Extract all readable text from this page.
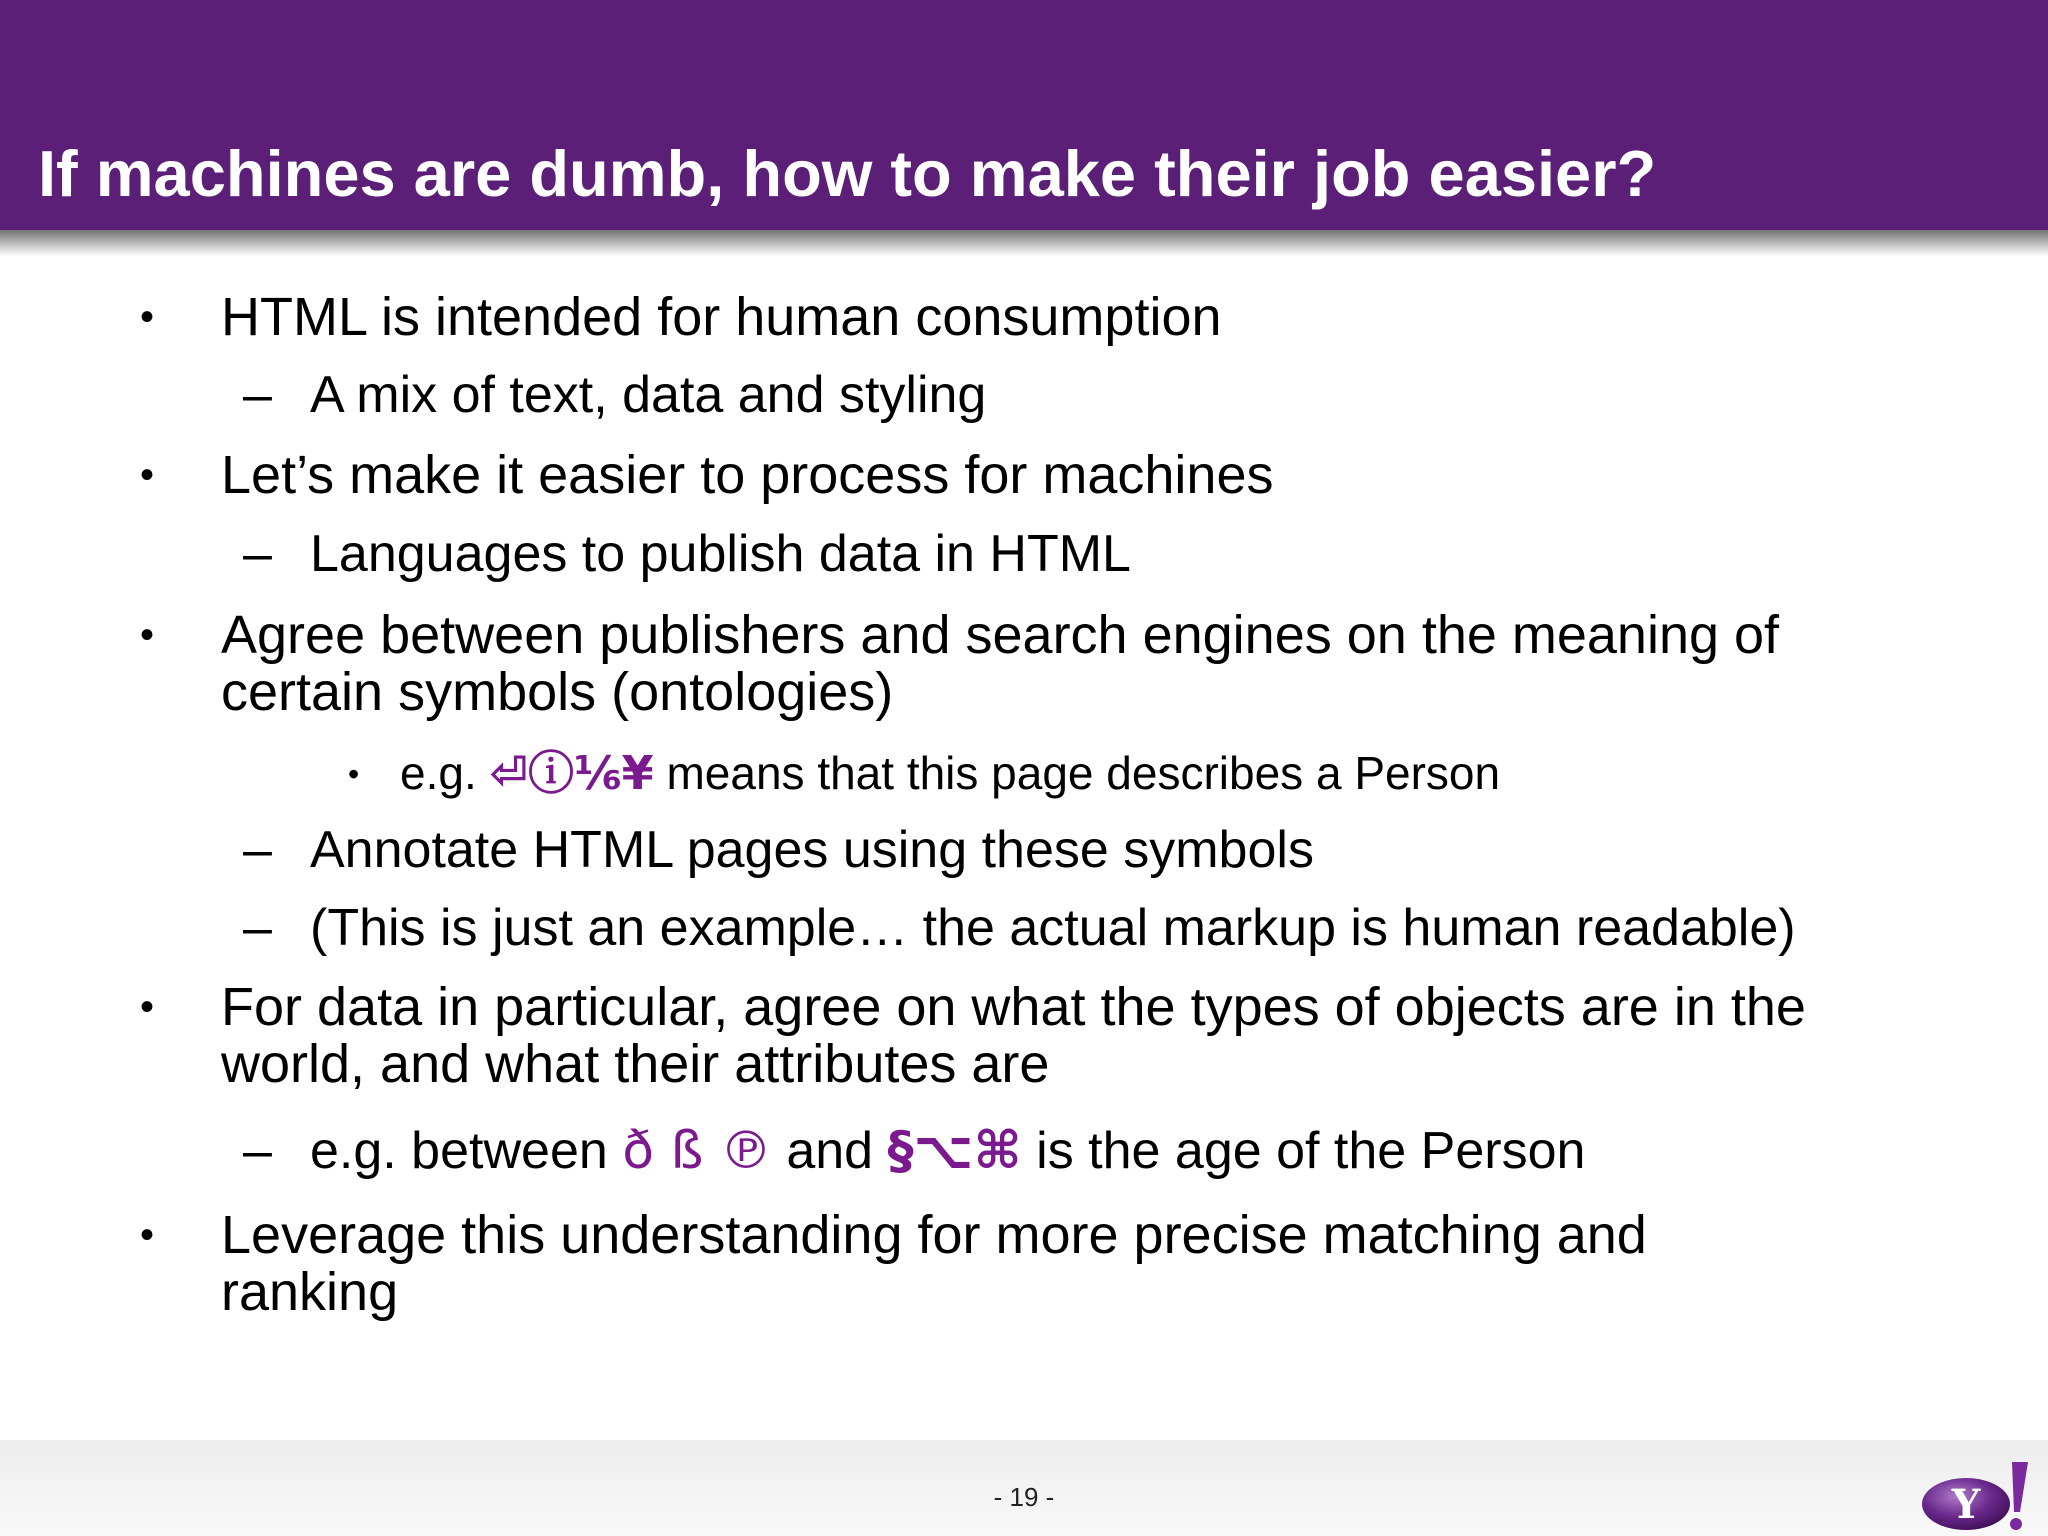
If machines are dumb, how to make their job easier?
•	HTML is intended for human consumption
– A mix of text, data and styling
•	Let’s make it easier to process for machines
– Languages to publish data in HTML
•	Agree between publishers and search engines on the meaning of
certain symbols (ontologies)
• e.g. ⏎ⓘ⅙¥ means that this page describes a Person
– Annotate HTML pages using these symbols
– (This is just an example… the actual markup is human readable)
•	For data in particular, agree on what the types of objects are in the
world, and what their attributes are
– e.g. between ð ß ℗ and §⌥⌘ is the age of the Person
•	Leverage this understanding for more precise matching and
ranking
- 19 -	Y
